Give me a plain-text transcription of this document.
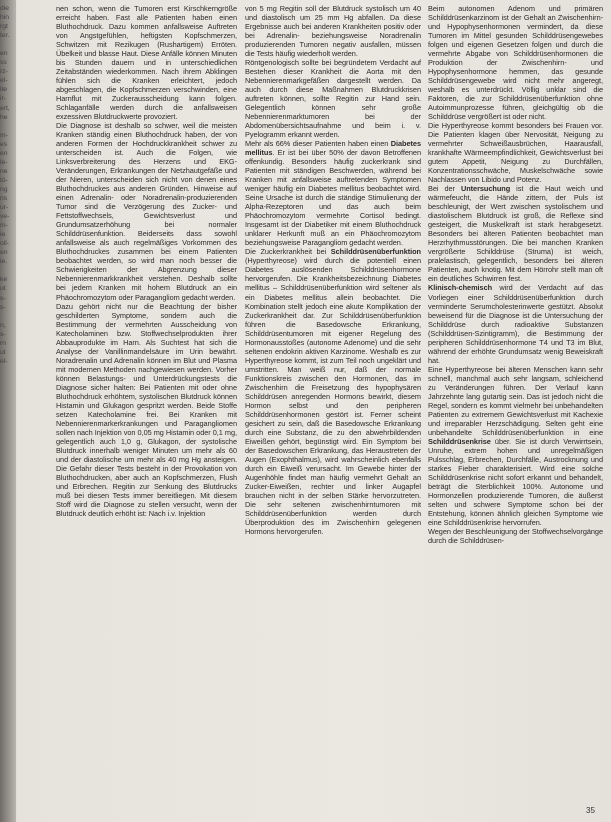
die
hin
rgt
ter.

en
ss
rz-
el-
ite
ir-
ert,
he

m-
es
en
le-
ne
tö-
ng
ns
ur-
ve-
m-
ie
oll-
en
ie.

ke
ut
s-
s-

n,
s-
rn
ut
el-

nen schon, wenn die Tumoren erst Kirschkerngröße erreicht haben. Fast alle Patienten haben einen Bluthochdruck. Dazu kommen anfallsweise Auftreten von Angstgefühlen, heftigsten Kopfschmerzen, Schwitzen mit Rezikugen (Rushartigem) Erröten. Übelkeit und blasse Haut. Diese Anfälle können Minuten bis Stunden dauern und in unterschiedlichen Zeitabständen wiederkommen. Nach ihrem Abklingen fühlen sich die Kranken erleichtert, jedoch abgeschlagen, die Kopfschmerzen verschwinden, eine Harnflut mit Zuckerausscheidung kann folgen. Schlaganfälle werden durch die anfallsweisen exzessiven Blutdruckwerte provoziert.

Die Diagnose ist deshalb so schwer, weil die meisten Kranken ständig einen Bluthochdruck haben, der von anderen Formen der Hochdruckkrankheit schwer zu unterscheiden ist. Auch die Folgen, wie Linksverbreiterung des Herzens und EKG-Veränderungen, Erkrankungen der Netzhautgefäße und der Nieren, unterscheiden sich nicht von denen eines Bluthochdruckes aus anderen Gründen. Hinweise auf einen Adrenalin- oder Noradrenalin-produzierenden Tumor sind die Verzögerung des Zucker- und Fettstoffwechsels, Gewichtsverlust und Grundumsatzerhöhung bei normaler Schilddrüsenfunktion. Beiderseits dass sowohl anfallsweise als auch regelmäßiges Vorkommen des Bluthochdruckes zusammen bei einem Patienten beobachtet werden, so wird man noch besser die Schwierigkeiten der Abgrenzung dieser Nebennierenmarkkrankheit verstehen. Deshalb sollte bei jedem Kranken mit hohem Blutdruck an ein Phäochromozytom oder Paragangliom gedacht werden.

Dazu gehört nicht nur die Beachtung der bisher geschilderten Symptome, sondern auch die Bestimmung der vermehrten Ausscheidung von Katecholaminen bzw. Stoffwechselprodukten ihrer Abbauprodukte im Harn. Als Suchtest hat sich die Analyse der Vanillinmandelsäure im Urin bewährt. Noradrenalin und Adrenalin können im Blut und Plasma mit modernen Methoden nachgewiesen werden. Vorher können Belastungs- und Unterdrückungstests die Diagnose sicher halten: Bei Patienten mit oder ohne Bluthochdruck erhöhtem, systolischen Blutdruck können Histamin und Glukagon gespritzt werden. Beide Stoffe setzen Katecholamine frei. Bei Kranken mit Nebennierenmarkerkrankungen und Paragangliomen sollen nach Injektion von 0,05 mg Histamin oder 0,1 mg, gelegentlich auch 1,0 g, Glukagon, der systolische Blutdruck innerhalb weniger Minuten um mehr als 60 und der diastolische um mehr als 40 mg Hg ansteigen. Die Gefahr dieser Tests besteht in der Provokation von Bluthochdrucken, aber auch an Kopfschmerzen, Flush und Erbrechen. Regitin zur Senkung des Blutdrucks muß bei diesen Tests immer bereitliegen. Mit diesem Stoff wird die Diagnose zu stellen versucht, wenn der Blutdruck deutlich erhöht ist: Nach i.v. Injektion

von 5 mg Regitin soll der Blutdruck systolisch um 40 und diastolisch um 25 mm Hg abfallen. Da diese Ergebnisse auch bei anderen Krankheiten positiv oder bei Adrenalin- beziehungsweise Noradrenalin produzierenden Tumoren negativ ausfallen, müssen die Tests häufig wiederholt werden.

Röntgenologisch sollte bei begründetem Verdacht auf Bestehen dieser Krankheit die Aorta mit den Nebennierenmarkgefäßen dargestellt werden. Da auch durch diese Maßnahmen Blutdruckkrisen auftreten können, sollte Regitin zur Hand sein. Gelegentlich können sehr große Nebennierenmarktumoren bei der Abdomenübersichtsaufnahme und beim i. v. Pyelogramm erkannt werden.

Mehr als 66% dieser Patienten haben einen Diabetes mellitus. Er ist bei über 50% der davon Betroffenen offenkundig. Besonders häufig zuckerkrank sind Patienten mit ständigen Beschwerden, während bei Kranken mit anfallsweise auftretenden Symptomen weniger häufig ein Diabetes mellitus beobachtet wird. Seine Ursache ist durch die ständige Stimulierung der Alpha-Rezeptoren und das auch beim Phäochromozytom vermehrte Cortisol bedingt. Insgesamt ist der Diabetiker mit einem Bluthochdruck unklarer Herkunft muß an ein Phäochromozytom beziehungsweise Paragangliom gedacht werden.

Die Zuckerkrankheit bei Schilddrüsenüberfunktion (Hyperthyreose) wird durch die potentiell einen Diabetes auslösenden Schilddrüsenhormone hervorgerufen. Die Krankheitsbezeichnung Diabetes mellitus – Schilddrüsenüberfunktion wird seltener als ein Diabetes mellitus allein beobachtet. Die Kombination stellt jedoch eine akute Komplikation der Zuckerkrankheit dar. Zur Schilddrüsenüberfunktion führen die Basedowsche Erkrankung, Schilddrüsentumoren mit eigener Regelung des Hormonausstoßes (autonome Adenome) und die sehr seltenen endokrin aktiven Karzinome. Weshalb es zur Hyperthyreose kommt, ist zum Teil noch ungeklärt und umstritten. Man weiß nur, daß der normale Funktionskreis zwischen den Hormonen, das im Zwischenhirn die Freisetzung des hypophysären Schilddrüsen anregenden Hormons bewirkt, diesem Hormon selbst und den peripheren Schilddrüsenhormonen gestört ist. Ferner scheint gesichert zu sein, daß die Basedowsche Erkrankung durch eine Substanz, die zu den abwehrbildenden Eiweißen gehört, begünstigt wird. Ein Symptom bei der Basedowschen Erkrankung, das Heraustreten der Augen (Exophthalmus), wird wahrscheinlich ebenfalls durch ein Eiweiß verursacht. Im Gewebe hinter der Augenhöhle findet man häufig vermehrt Gehalt an Zucker-Eiweißen, rechter und linker Augapfel brauchen nicht in der selben Stärke hervorzutreten. Die sehr seltenen zwischenhirntumoren mit Schilddrüsenüberfunktion werden durch Überproduktion des im Zwischenhirn gelegenen Hormons hervorgerufen.

Beim autonomen Adenom und primären Schilddrüsenkarzinom ist der Gehalt an Zwischenhirn- und Hypophysenhormonen vermindert, da diese Tumoren im Mittel gesunden Schilddrüsengewebes folgen und eigenen Gesetzen folgen und durch die vermehrte Abgabe von Schilddrüsenhormonen die Produktion der Zwischenhirn- und Hypophysenhormone hemmen, das gesunde Schilddrüsengewebe wird nicht mehr angeregt, weshalb es unterdrückt. Völlig unklar sind die Faktoren, die zur Schilddrüsenüberfunktion ohne Autoimmunprozesse führen, gleichgültig ob die Schilddrüse vergrößert ist oder nicht.

Die Hyperthyreose kommt besonders bei Frauen vor. Die Patienten klagen über Nervosität, Neigung zu vermehrter Schweißausbrüchen, Haarausfall, krankhafte Wärmeempfindlichkeit, Gewichtsverlust bei gutem Appetit, Neigung zu Durchfällen, Konzentrationsschwäche, Muskelschwäche sowie Nachlassen von Libido und Potenz.

Bei der Untersuchung ist die Haut weich und wärmefeucht, die Hände zittern, der Puls ist beschleunigt, der Wert zwischen systolischem und diastolischem Blutdruck ist groß, die Reflexe sind gesteigert, die Muskelkraft ist stark herabgesetzt. Besonders bei älteren Patienten beobachtet man Herzrhythmusstörungen. Die bei manchen Kranken vergrößerte Schilddrüse (Struma) ist weich, pralelastisch, gelegentlich, besonders bei älteren Patienten, auch knotig. Mit dem Hörrohr stellt man oft ein deutliches Schwirren fest.

Klinisch-chemisch wird der Verdacht auf das Vorliegen einer Schilddrüsenüberfunktion durch verminderte Serumcholesterinwerte gestützt. Absolut beweisend für die Diagnose ist die Untersuchung der Schilddrüse durch radioaktive Substanzen (Schilddrüsen-Szintigramm), die Bestimmung der peripheren Schilddrüsenhormone T4 und T3 im Blut, während der erhöhte Grundumsatz wenig Beweiskraft hat.

Eine Hyperthyreose bei älteren Menschen kann sehr schnell, manchmal auch sehr langsam, schleichend zu Veränderungen führen. Der Verlauf kann Jahrzehnte lang gutartig sein. Das ist jedoch nicht die Regel, sondern es kommt vielmehr bei unbehandelten Patienten zu extremem Gewichtsverlust mit Kachexie und irreparabler Herzschädigung. Selten geht eine unbehandelte Schilddrüsenüberfunktion in eine Schilddrüsenkrise über. Sie ist durch Verwirrtsein, Unruhe, extrem hohen und unregelmäßigen Pulsschlag, Erbrechen, Durchfälle, Austrocknung und starkes Fieber charakterisiert. Wird eine solche Schilddrüsenkrise nicht sofort erkannt und behandelt, beträgt die Sterblichkeit 100%. Autonome und Hormonzellen produzierende Tumoren, die äußerst selten und schwere Symptome schon bei der Entstehung, können ähnlich gleichen Symptome wie eine Schilddrüsenkrise hervorrufen.

Wegen der Beschleunigung der Stoffwechselvorgänge durch die Schilddrüsen-

35
